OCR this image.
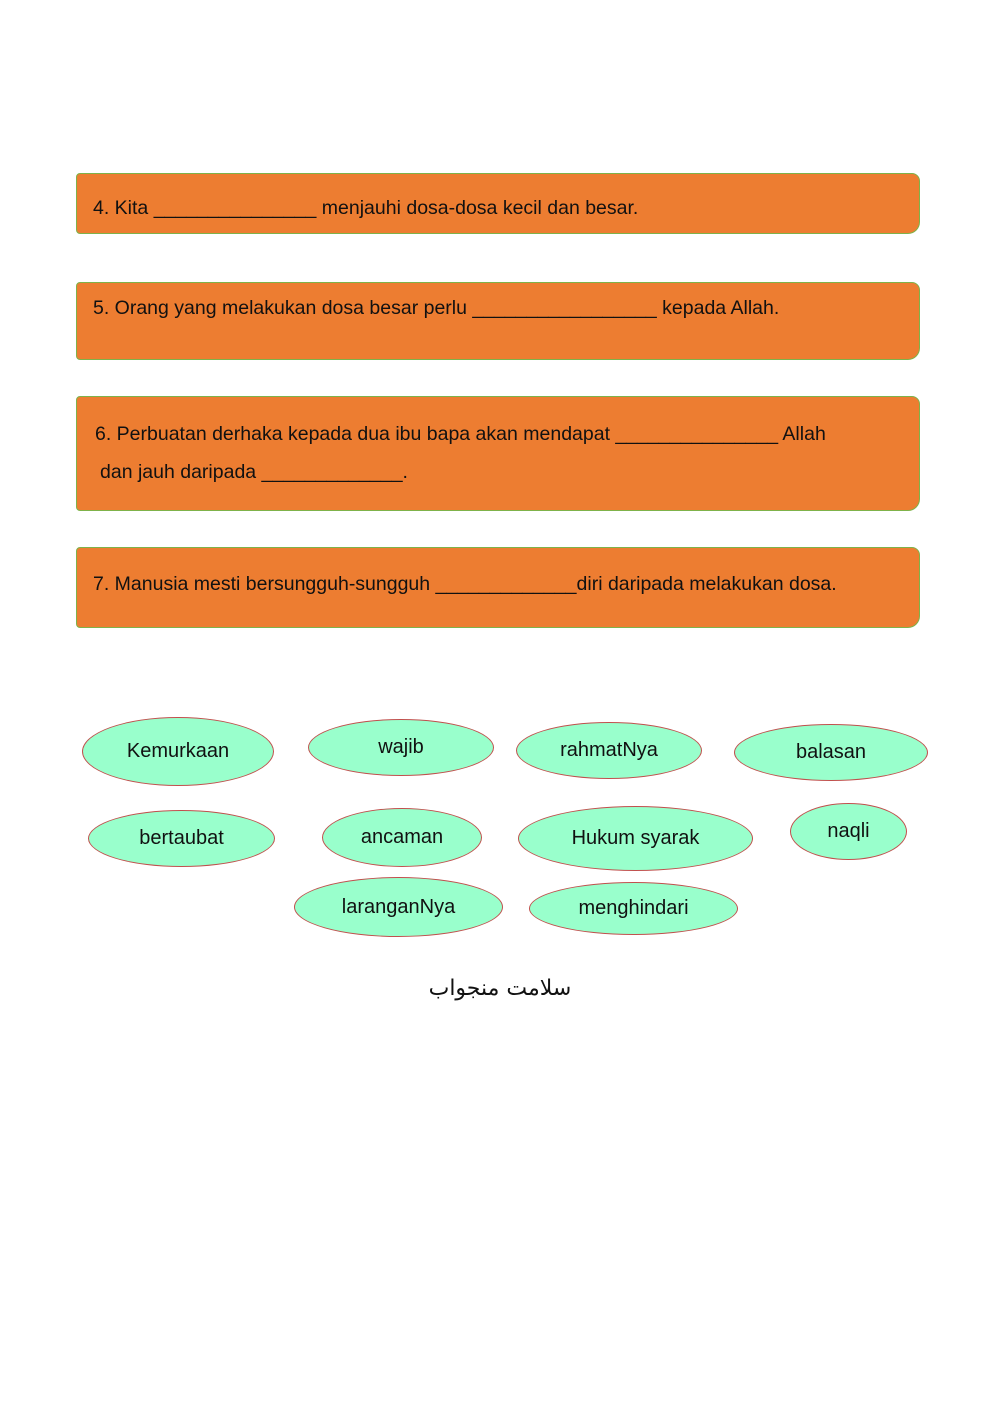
4. Kita _______________ menjauhi dosa-dosa kecil dan besar.
5. Orang yang melakukan dosa besar perlu _________________ kepada Allah.
6. Perbuatan derhaka kepada dua ibu bapa akan mendapat _______________ Allah
dan jauh daripada _____________.
7. Manusia mesti bersungguh-sungguh _____________diri daripada melakukan dosa.
Kemurkaan	wajib	rahmatNya	balasan
bertaubat	ancaman	Hukum syarak	naqli
laranganNya	menghindari
سلامت منجواب
